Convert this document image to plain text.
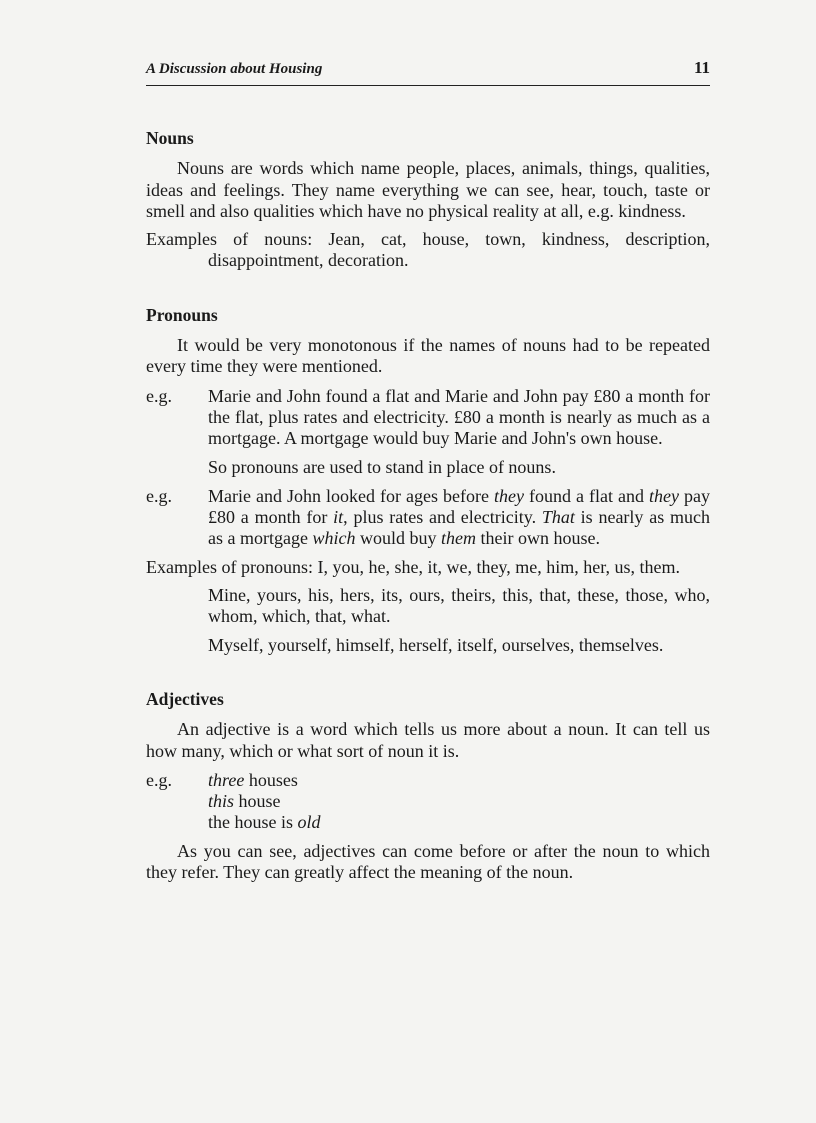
A Discussion about Housing	11
Nouns

Nouns are words which name people, places, animals, things, qualities, ideas and feelings. They name everything we can see, hear, touch, taste or smell and also qualities which have no physical reality at all, e.g. kindness.

Examples of nouns: Jean, cat, house, town, kindness, description, disappointment, decoration.

Pronouns

It would be very monotonous if the names of nouns had to be repeated every time they were mentioned.

e.g.	Marie and John found a flat and Marie and John pay £80 a month for the flat, plus rates and electricity. £80 a month is nearly as much as a mortgage. A mortgage would buy Marie and John's own house.

So pronouns are used to stand in place of nouns.

e.g.	Marie and John looked for ages before they found a flat and they pay £80 a month for it, plus rates and electricity. That is nearly as much as a mortgage which would buy them their own house.

Examples of pronouns: I, you, he, she, it, we, they, me, him, her, us, them.

Mine, yours, his, hers, its, ours, theirs, this, that, these, those, who, whom, which, that, what.

Myself, yourself, himself, herself, itself, ourselves, themselves.

Adjectives

An adjective is a word which tells us more about a noun. It can tell us how many, which or what sort of noun it is.

e.g.	three houses
this house
the house is old

As you can see, adjectives can come before or after the noun to which they refer. They can greatly affect the meaning of the noun.
